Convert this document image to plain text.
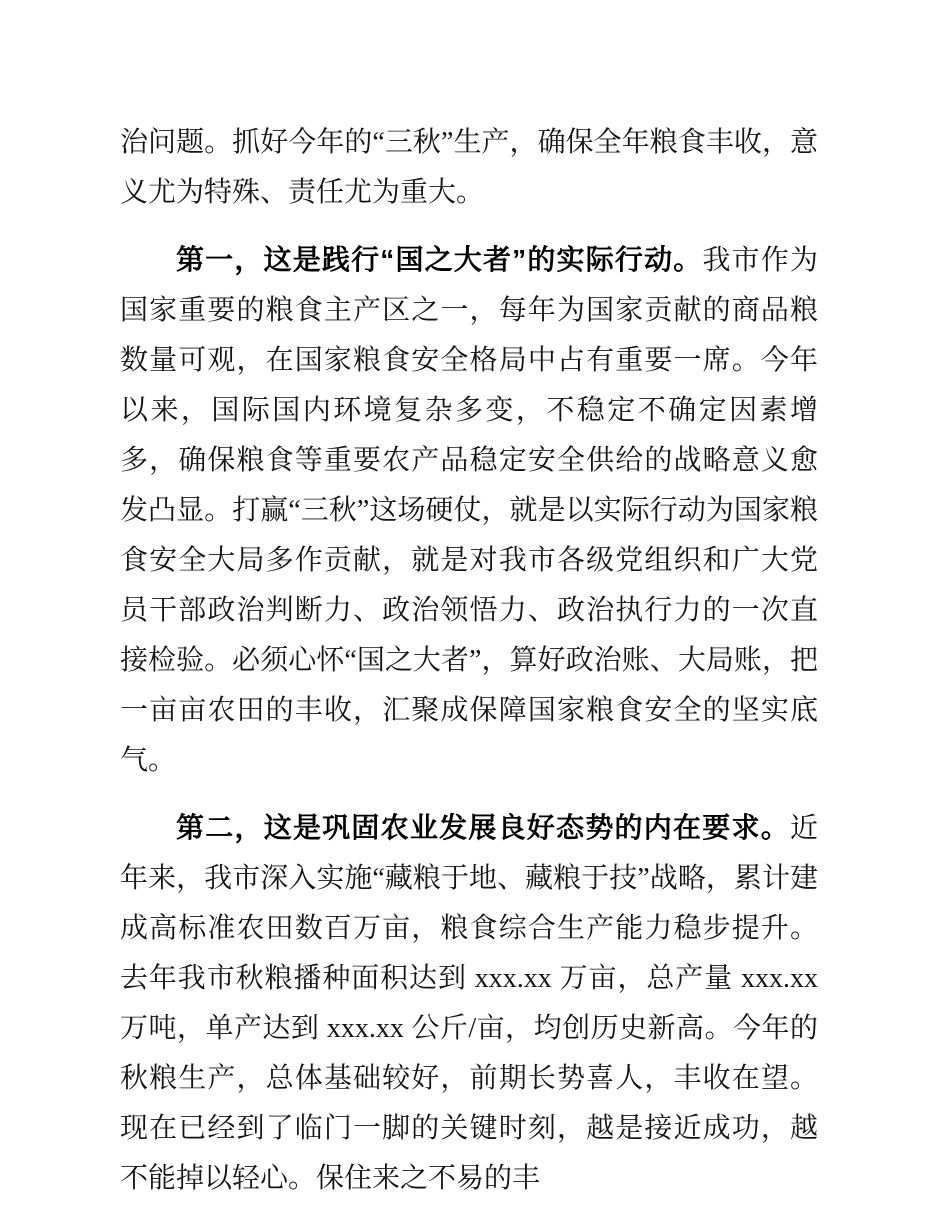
治问题。抓好今年的“三秋”生产，确保全年粮食丰收，意义尤为特殊、责任尤为重大。

第一，这是践行“国之大者”的实际行动。我市作为国家重要的粮食主产区之一，每年为国家贡献的商品粮数量可观，在国家粮食安全格局中占有重要一席。今年以来，国际国内环境复杂多变，不稳定不确定因素增多，确保粮食等重要农产品稳定安全供给的战略意义愈发凸显。打赢“三秋”这场硬仗，就是以实际行动为国家粮食安全大局多作贡献，就是对我市各级党组织和广大党员干部政治判断力、政治领悟力、政治执行力的一次直接检验。必须心怀“国之大者”，算好政治账、大局账，把一亩亩农田的丰收，汇聚成保障国家粮食安全的坚实底气。

第二，这是巩固农业发展良好态势的内在要求。近年来，我市深入实施“藏粮于地、藏粮于技”战略，累计建成高标准农田数百万亩，粮食综合生产能力稳步提升。去年我市秋粮播种面积达到 xxx.xx 万亩，总产量 xxx.xx 万吨，单产达到 xxx.xx 公斤/亩，均创历史新高。今年的秋粮生产，总体基础较好，前期长势喜人，丰收在望。现在已经到了临门一脚的关键时刻，越是接近成功，越不能掉以轻心。保住来之不易的丰
